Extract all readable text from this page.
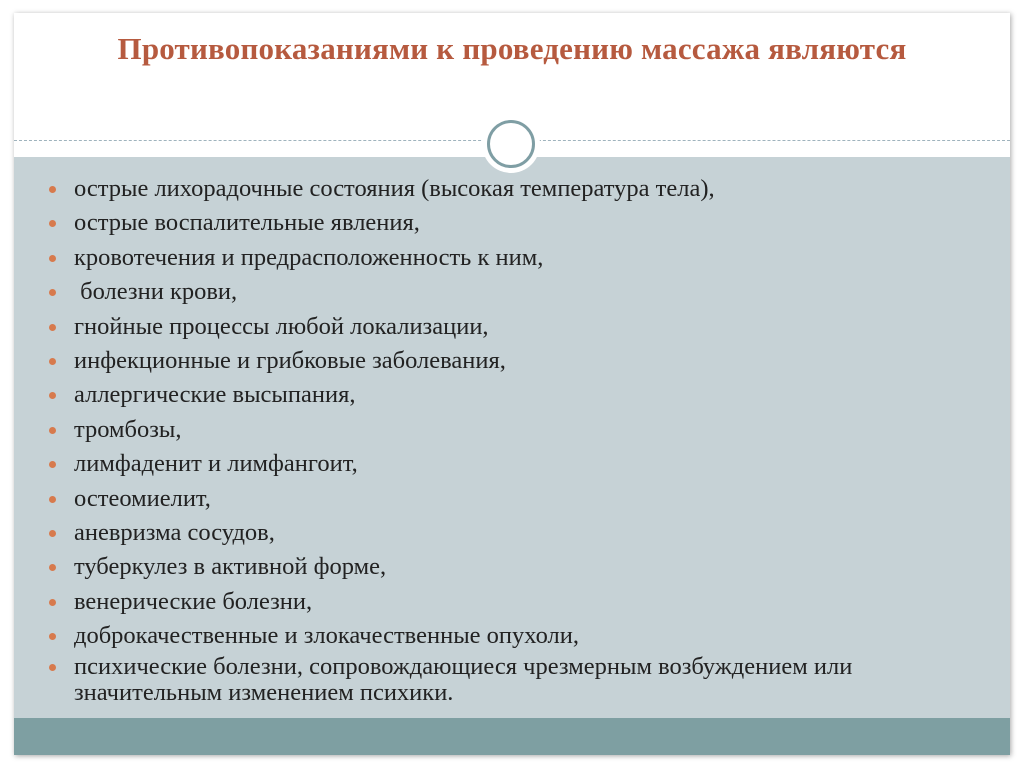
Противопоказаниями к проведению массажа являются
острые лихорадочные состояния (высокая температура тела),
острые воспалительные явления,
кровотечения и предрасположенность к ним,
болезни крови,
гнойные процессы любой локализации,
инфекционные и грибковые заболевания,
аллергические высыпания,
тромбозы,
лимфаденит и лимфангоит,
остеомиелит,
аневризма сосудов,
туберкулез в активной форме,
венерические болезни,
доброкачественные и злокачественные опухоли,
психические болезни, сопровождающиеся чрезмерным возбуждением или значительным изменением психики.
